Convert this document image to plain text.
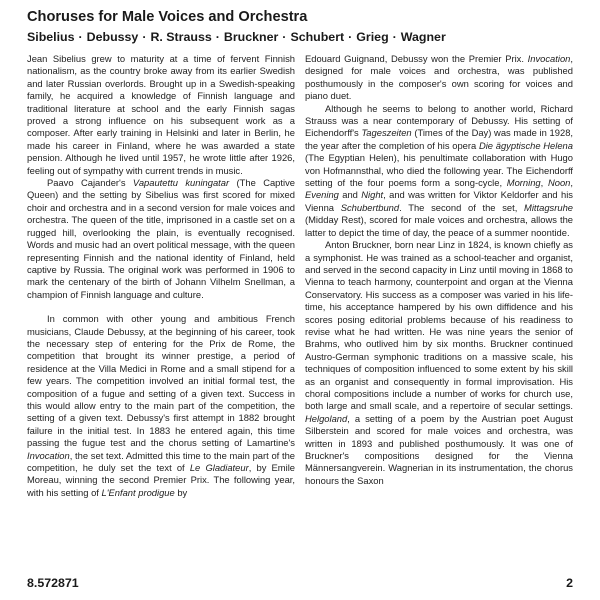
Choruses for Male Voices and Orchestra
Sibelius · Debussy · R. Strauss · Bruckner · Schubert · Grieg · Wagner

Jean Sibelius grew to maturity at a time of fervent Finnish nationalism, as the country broke away from its earlier Swedish and later Russian overlords. Brought up in a Swedish-speaking family, he acquired a knowledge of Finnish language and traditional literature at school and the early Finnish sagas proved a strong influence on his subsequent work as a composer. After early training in Helsinki and later in Berlin, he made his career in Finland, where he was awarded a state pension. Although he lived until 1957, he wrote little after 1926, feeling out of sympathy with current trends in music.

Paavo Cajander's Vapautettu kuningatar (The Captive Queen) and the setting by Sibelius was first scored for mixed choir and orchestra and in a second version for male voices and orchestra. The queen of the title, imprisoned in a castle set on a rugged hill, overlooking the plain, is eventually recognised. Words and music had an overt political message, with the queen representing Finnish and the national identity of Finland, held captive by Russia. The original work was performed in 1906 to mark the centenary of the birth of Johann Vilhelm Snellman, a champion of Finnish language and culture.

In common with other young and ambitious French musicians, Claude Debussy, at the beginning of his career, took the necessary step of entering for the Prix de Rome, the competition that brought its winner prestige, a period of residence at the Villa Medici in Rome and a small stipend for a few years. The competition involved an initial formal test, the composition of a fugue and setting of a given text. Success in this would allow entry to the main part of the competition, the setting of a given text. Debussy's first attempt in 1882 brought failure in the initial test. In 1883 he entered again, this time passing the fugue test and the chorus setting of Lamartine's Invocation, the set text. Admitted this time to the main part of the competition, he duly set the text of Le Gladiateur, by Emile Moreau, winning the second Premier Prix. The following year, with his setting of L'Enfant prodigue by

Edouard Guignand, Debussy won the Premier Prix. Invocation, designed for male voices and orchestra, was published posthumously in the composer's own scoring for voices and piano duet.

Although he seems to belong to another world, Richard Strauss was a near contemporary of Debussy. His setting of Eichendorff's Tageszeiten (Times of the Day) was made in 1928, the year after the completion of his opera Die ägyptische Helena (The Egyptian Helen), his penultimate collaboration with Hugo von Hofmannsthal, who died the following year. The Eichendorff setting of the four poems form a song-cycle, Morning, Noon, Evening and Night, and was written for Viktor Keldorfer and his Vienna Schubertbund. The second of the set, Mittagsruhe (Midday Rest), scored for male voices and orchestra, allows the latter to depict the time of day, the peace of a summer noontide.

Anton Bruckner, born near Linz in 1824, is known chiefly as a symphonist. He was trained as a school-teacher and organist, and served in the second capacity in Linz until moving in 1868 to Vienna to teach harmony, counterpoint and organ at the Vienna Conservatory. His success as a composer was varied in his life-time, his acceptance hampered by his own diffidence and his scores posing editorial problems because of his readiness to revise what he had written. He was nine years the senior of Brahms, who outlived him by six months. Bruckner continued Austro-German symphonic traditions on a massive scale, his techniques of composition influenced to some extent by his skill as an organist and consequently in formal improvisation. His choral compositions include a number of works for church use, both large and small scale, and a repertoire of secular settings. Helgoland, a setting of a poem by the Austrian poet August Silberstein and scored for male voices and orchestra, was written in 1893 and published posthumously. It was one of Bruckner's compositions designed for the Vienna Männersangverein. Wagnerian in its instrumentation, the chorus honours the Saxon

8.572871	2
